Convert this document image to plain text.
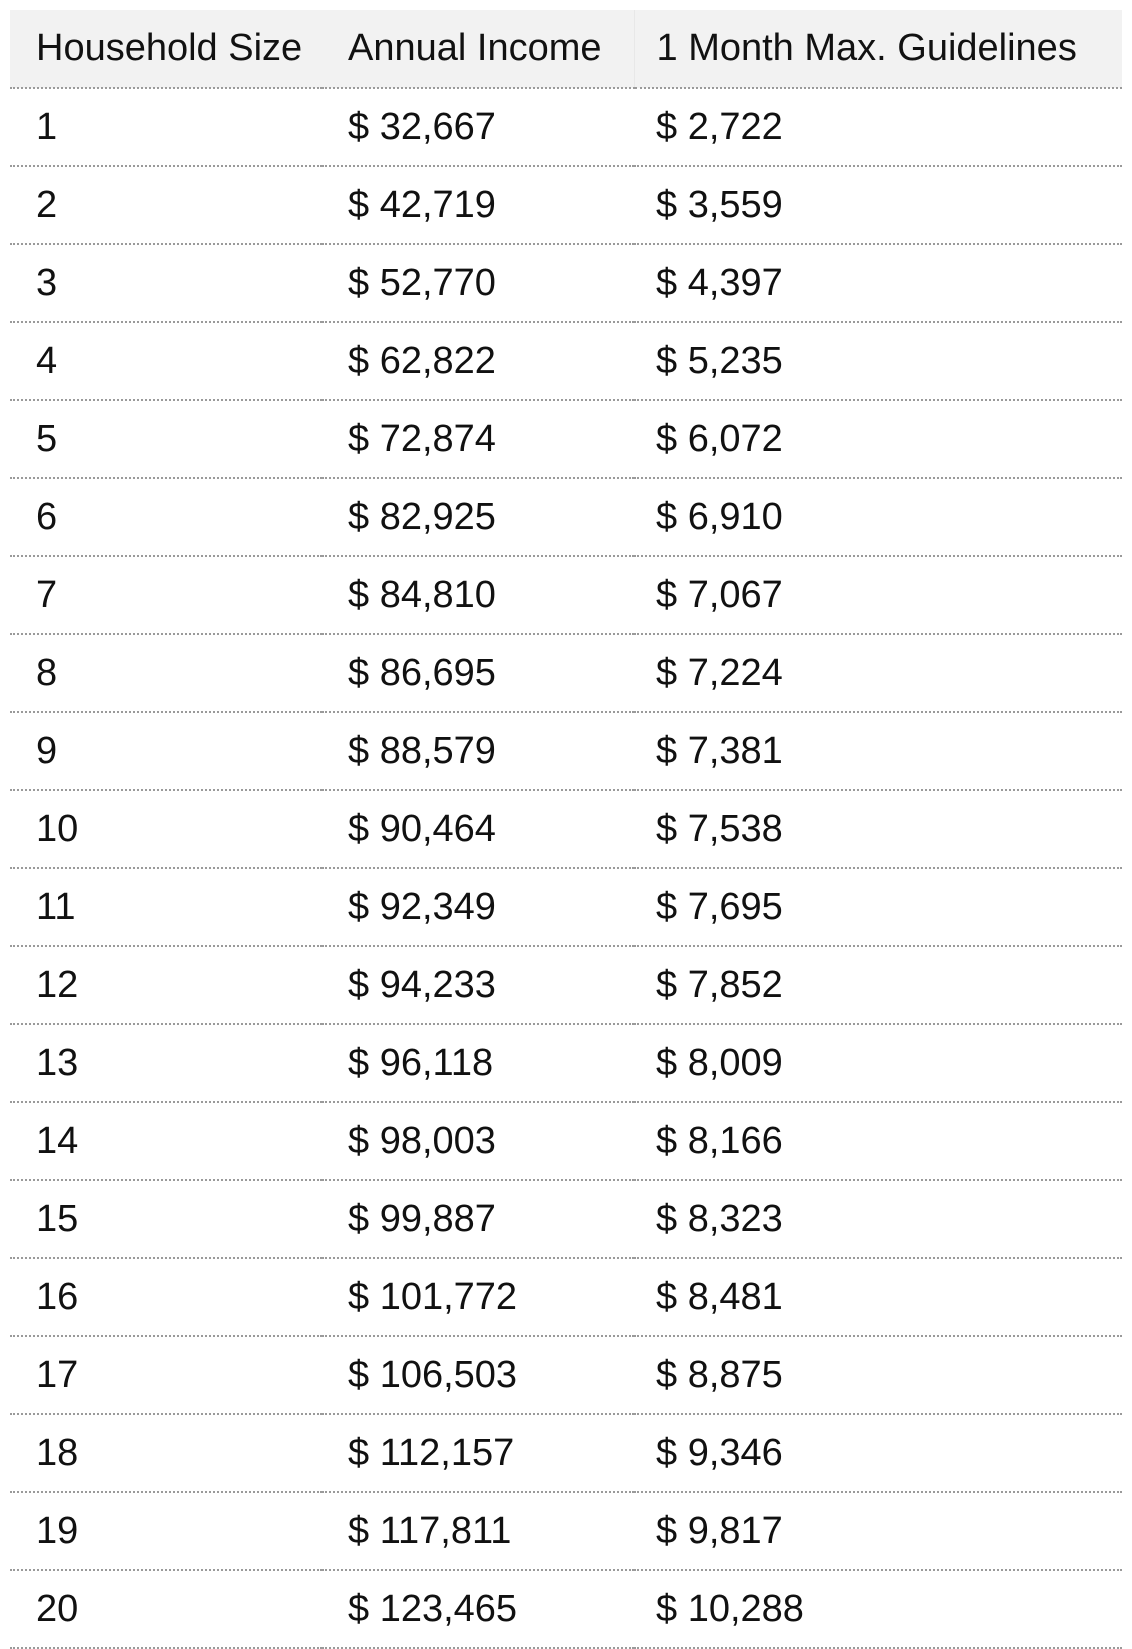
Household Size	Annual Income	1 Month Max. Guidelines
1	$ 32,667	$ 2,722
2	$ 42,719	$ 3,559
3	$ 52,770	$ 4,397
4	$ 62,822	$ 5,235
5	$ 72,874	$ 6,072
6	$ 82,925	$ 6,910
7	$ 84,810	$ 7,067
8	$ 86,695	$ 7,224
9	$ 88,579	$ 7,381
10	$ 90,464	$ 7,538
11	$ 92,349	$ 7,695
12	$ 94,233	$ 7,852
13	$ 96,118	$ 8,009
14	$ 98,003	$ 8,166
15	$ 99,887	$ 8,323
16	$ 101,772	$ 8,481
17	$ 106,503	$ 8,875
18	$ 112,157	$ 9,346
19	$ 117,811	$ 9,817
20	$ 123,465	$ 10,288
